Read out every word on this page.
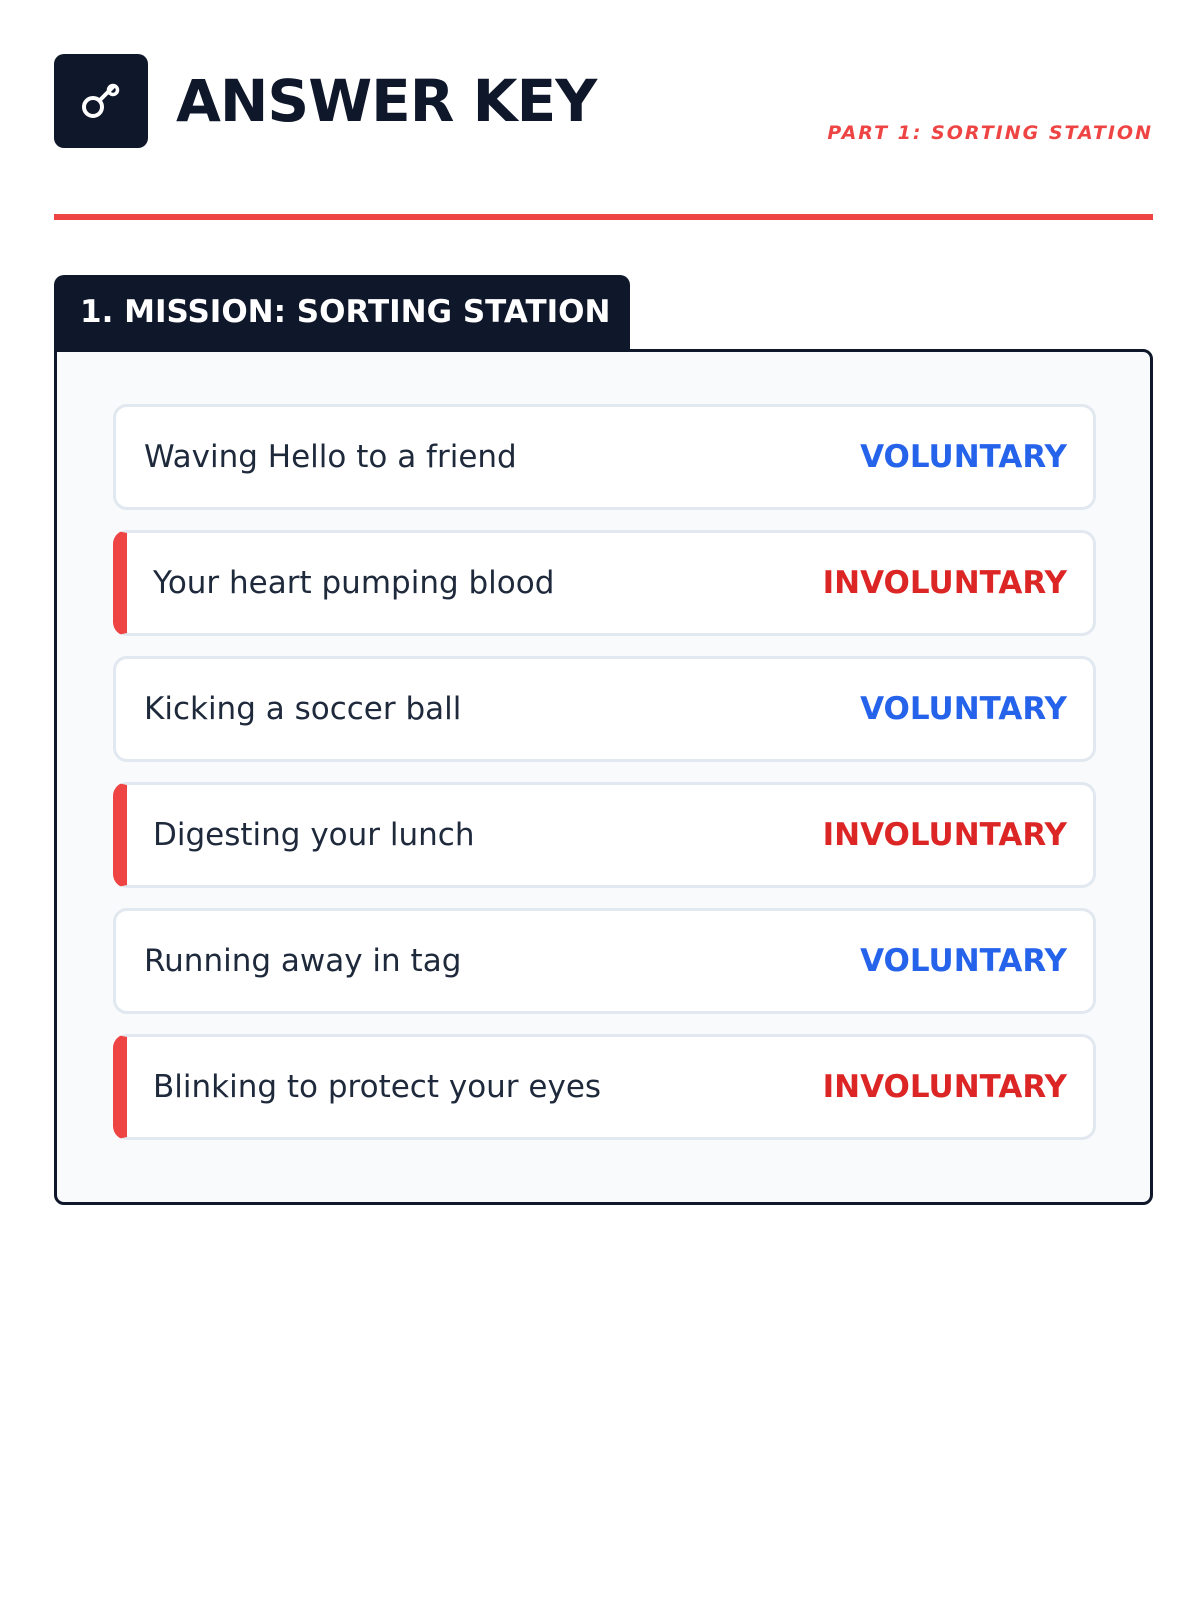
ANSWER KEY	PART 1: SORTING STATION
1. MISSION: SORTING STATION
Waving Hello to a friend	VOLUNTARY
Your heart pumping blood	INVOLUNTARY
Kicking a soccer ball	VOLUNTARY
Digesting your lunch	INVOLUNTARY
Running away in tag	VOLUNTARY
Blinking to protect your eyes	INVOLUNTARY
